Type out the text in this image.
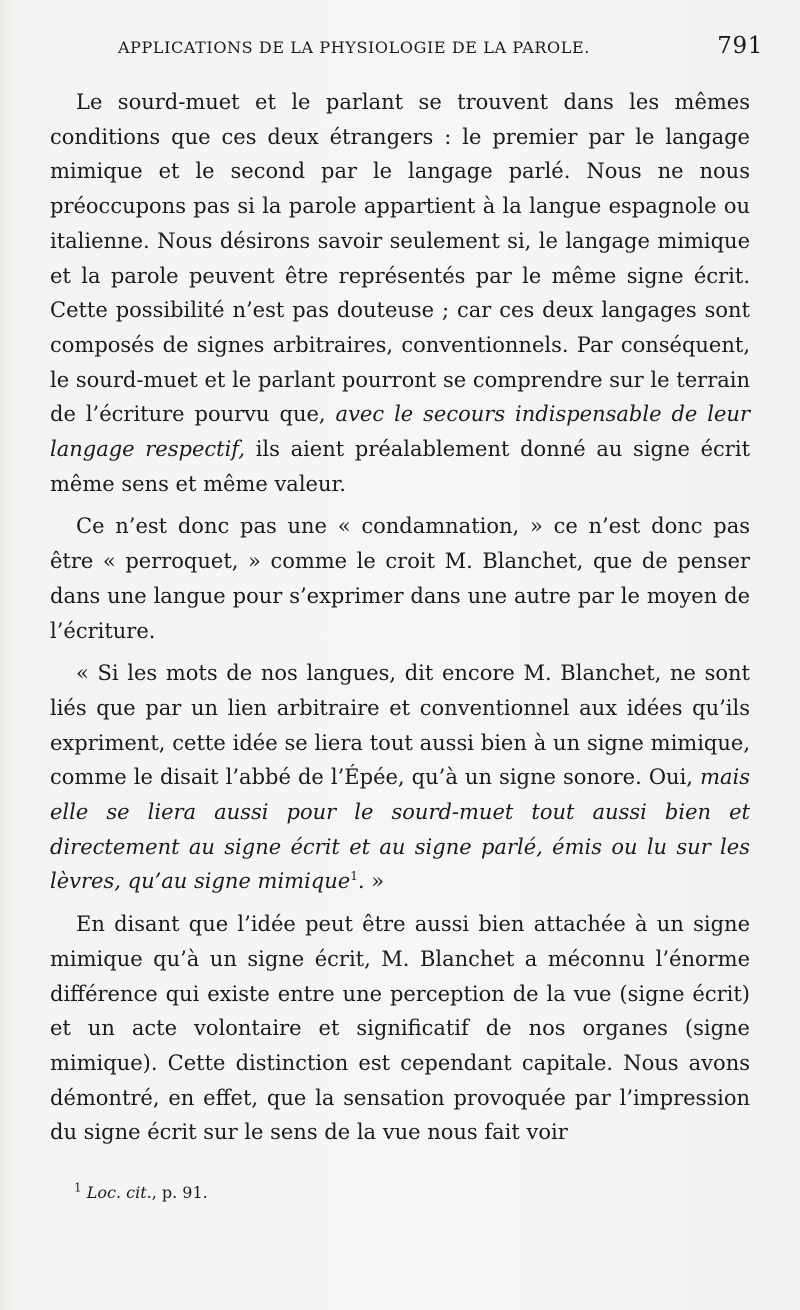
APPLICATIONS DE LA PHYSIOLOGIE DE LA PAROLE.	791

Le sourd-muet et le parlant se trouvent dans les mêmes conditions que ces deux étrangers : le premier par le langage mimique et le second par le langage parlé. Nous ne nous préoccupons pas si la parole appartient à la langue espagnole ou italienne. Nous désirons savoir seulement si, le langage mimique et la parole peuvent être représentés par le même signe écrit. Cette possibilité n’est pas douteuse ; car ces deux langages sont composés de signes arbitraires, conventionnels. Par conséquent, le sourd-muet et le parlant pourront se comprendre sur le terrain de l’écriture pourvu que, avec le secours indispensable de leur langage respectif, ils aient préalablement donné au signe écrit même sens et même valeur.

Ce n’est donc pas une « condamnation, » ce n’est donc pas être « perroquet, » comme le croit M. Blanchet, que de penser dans une langue pour s’exprimer dans une autre par le moyen de l’écriture.

« Si les mots de nos langues, dit encore M. Blanchet, ne sont liés que par un lien arbitraire et conventionnel aux idées qu’ils expriment, cette idée se liera tout aussi bien à un signe mimique, comme le disait l’abbé de l’Épée, qu’à un signe sonore. Oui, mais elle se liera aussi pour le sourd-muet tout aussi bien et directement au signe écrit et au signe parlé, émis ou lu sur les lèvres, qu’au signe mimique$^1$. »

En disant que l’idée peut être aussi bien attachée à un signe mimique qu’à un signe écrit, M. Blanchet a méconnu l’énorme différence qui existe entre une perception de la vue (signe écrit) et un acte volontaire et significatif de nos organes (signe mimique). Cette distinction est cependant capitale. Nous avons démontré, en effet, que la sensation provoquée par l’impression du signe écrit sur le sens de la vue nous fait voir

$^1$ Loc. cit., p. 91.
